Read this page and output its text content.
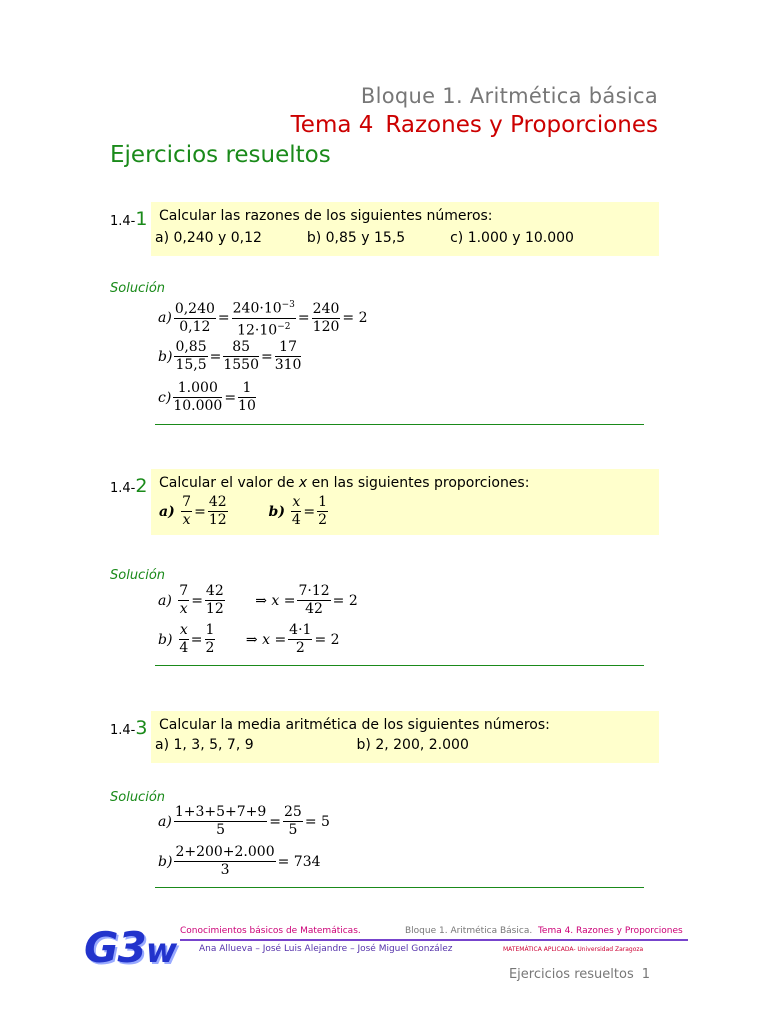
Bloque 1. Aritmética básica
Tema 4 Razones y Proporciones
Ejercicios resueltos
1.4-1 Calcular las razones de los siguientes números:
a) 0,240 y 0,12	b) 0,85 y 15,5	c) 1.000 y 10.000
Solución
$a) \frac{0,240}{0,12} = \frac{240\cdot 10^{-3}}{12\cdot 10^{-2}} = \frac{240}{120} = 2$
$b) \frac{0,85}{15,5} = \frac{85}{1550} = \frac{17}{310}$
$c) \frac{1.000}{10.000} = \frac{1}{10}$
1.4-2 Calcular el valor de x en las siguientes proporciones:
$a) \frac{7}{x} = \frac{42}{12}$	$b) \frac{x}{4} = \frac{1}{2}$
Solución
$a) \frac{7}{x} = \frac{42}{12}$ ⇒ $x = \frac{7\cdot 12}{42} = 2$
$b) \frac{x}{4} = \frac{1}{2}$ ⇒ $x = \frac{4\cdot 1}{2} = 2$
1.4-3 Calcular la media aritmética de los siguientes números:
a) 1, 3, 5, 7, 9	b) 2, 200, 2.000
Solución
$a) \frac{1+3+5+7+9}{5} = \frac{25}{5} = 5$
$b) \frac{2+200+2.000}{3} = 734$
G3w Conocimientos básicos de Matemáticas.	Bloque 1. Aritmética Básica. Tema 4. Razones y Proporciones
Ana Allueva – José Luis Alejandre – José Miguel González	MATEMÁTICA APLICADA- Universidad Zaragoza
Ejercicios resueltos 1
